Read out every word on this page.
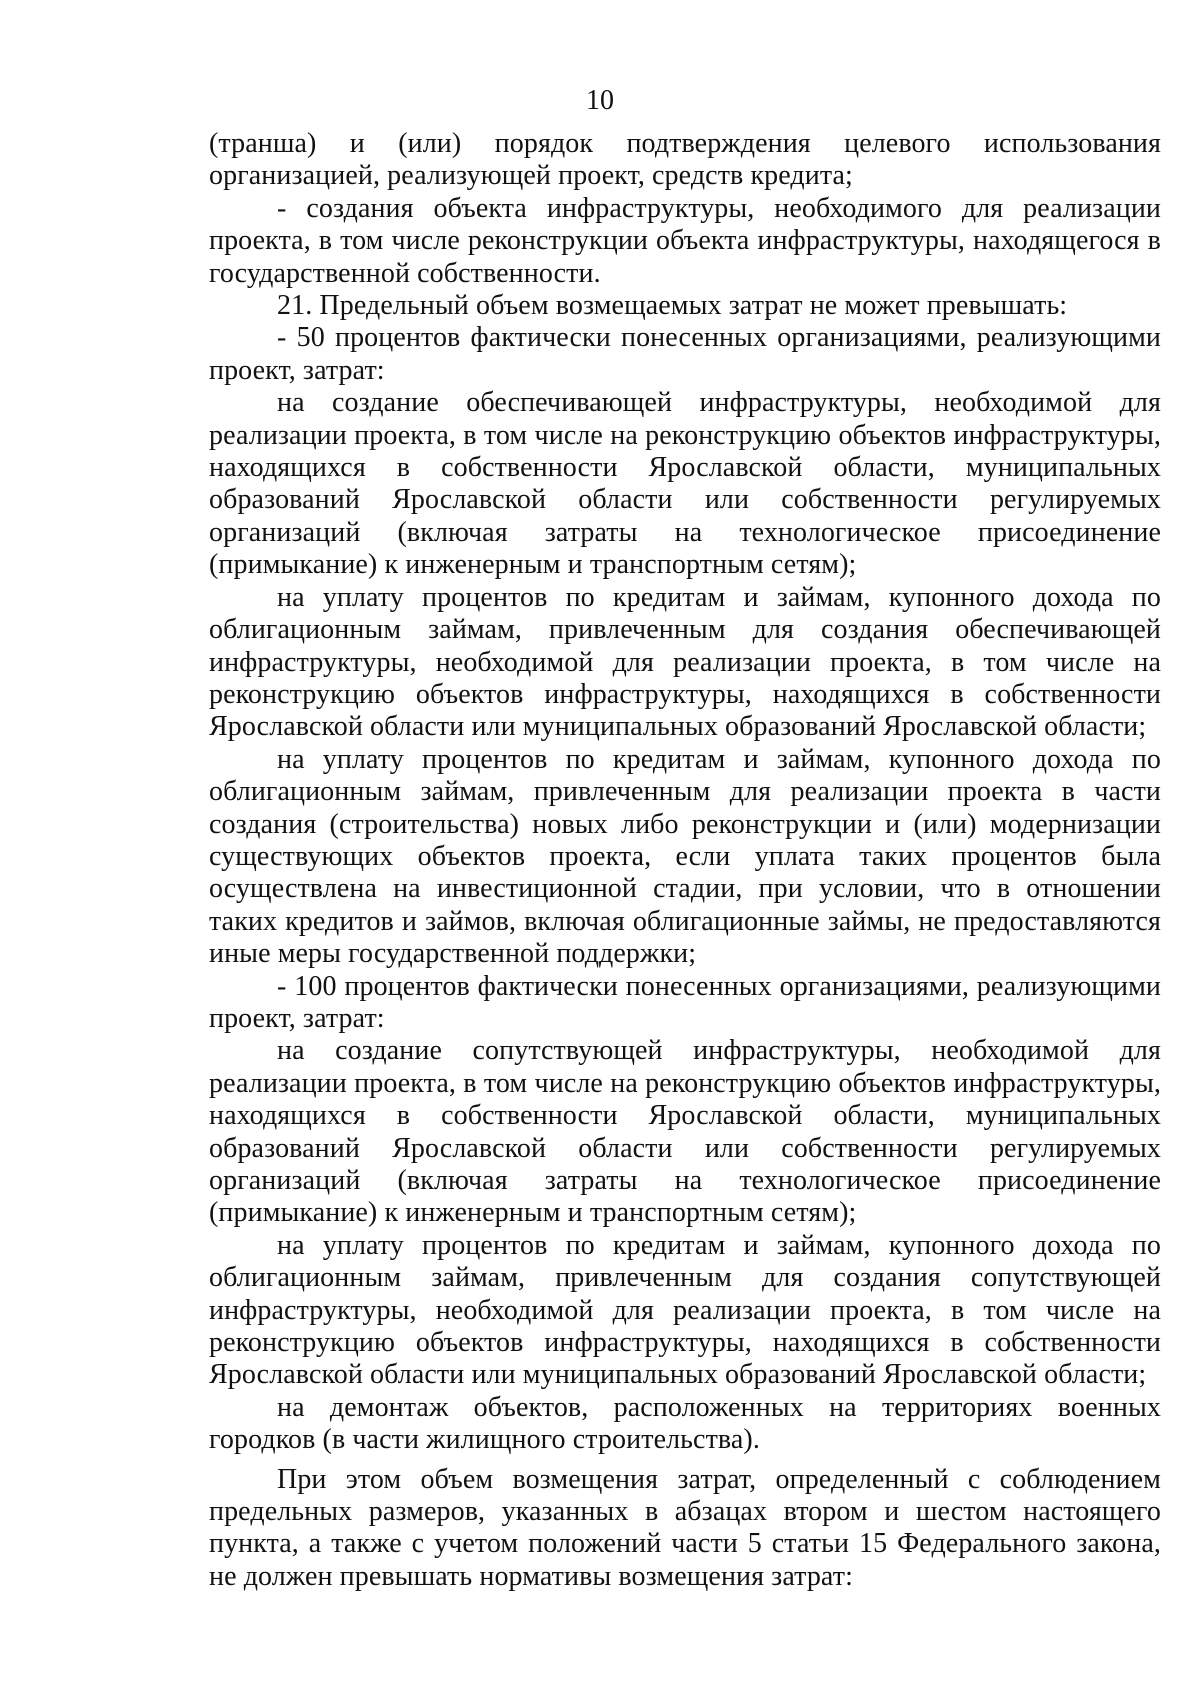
10

(транша) и (или) порядок подтверждения целевого использования организацией, реализующей проект, средств кредита;

- создания объекта инфраструктуры, необходимого для реализации проекта, в том числе реконструкции объекта инфраструктуры, находящегося в государственной собственности.

21. Предельный объем возмещаемых затрат не может превышать:

- 50 процентов фактически понесенных организациями, реализующими проект, затрат:

на создание обеспечивающей инфраструктуры, необходимой для реализации проекта, в том числе на реконструкцию объектов инфраструктуры, находящихся в собственности Ярославской области, муниципальных образований Ярославской области или собственности регулируемых организаций (включая затраты на технологическое присоединение (примыкание) к инженерным и транспортным сетям);

на уплату процентов по кредитам и займам, купонного дохода по облигационным займам, привлеченным для создания обеспечивающей инфраструктуры, необходимой для реализации проекта, в том числе на реконструкцию объектов инфраструктуры, находящихся в собственности Ярославской области или муниципальных образований Ярославской области;

на уплату процентов по кредитам и займам, купонного дохода по облигационным займам, привлеченным для реализации проекта в части создания (строительства) новых либо реконструкции и (или) модернизации существующих объектов проекта, если уплата таких процентов была осуществлена на инвестиционной стадии, при условии, что в отношении таких кредитов и займов, включая облигационные займы, не предоставляются иные меры государственной поддержки;

- 100 процентов фактически понесенных организациями, реализующими проект, затрат:

на создание сопутствующей инфраструктуры, необходимой для реализации проекта, в том числе на реконструкцию объектов инфраструктуры, находящихся в собственности Ярославской области, муниципальных образований Ярославской области или собственности регулируемых организаций (включая затраты на технологическое присоединение (примыкание) к инженерным и транспортным сетям);

на уплату процентов по кредитам и займам, купонного дохода по облигационным займам, привлеченным для создания сопутствующей инфраструктуры, необходимой для реализации проекта, в том числе на реконструкцию объектов инфраструктуры, находящихся в собственности Ярославской области или муниципальных образований Ярославской области;

на демонтаж объектов, расположенных на территориях военных городков (в части жилищного строительства).

При этом объем возмещения затрат, определенный с соблюдением предельных размеров, указанных в абзацах втором и шестом настоящего пункта, а также с учетом положений части 5 статьи 15 Федерального закона, не должен превышать нормативы возмещения затрат:
